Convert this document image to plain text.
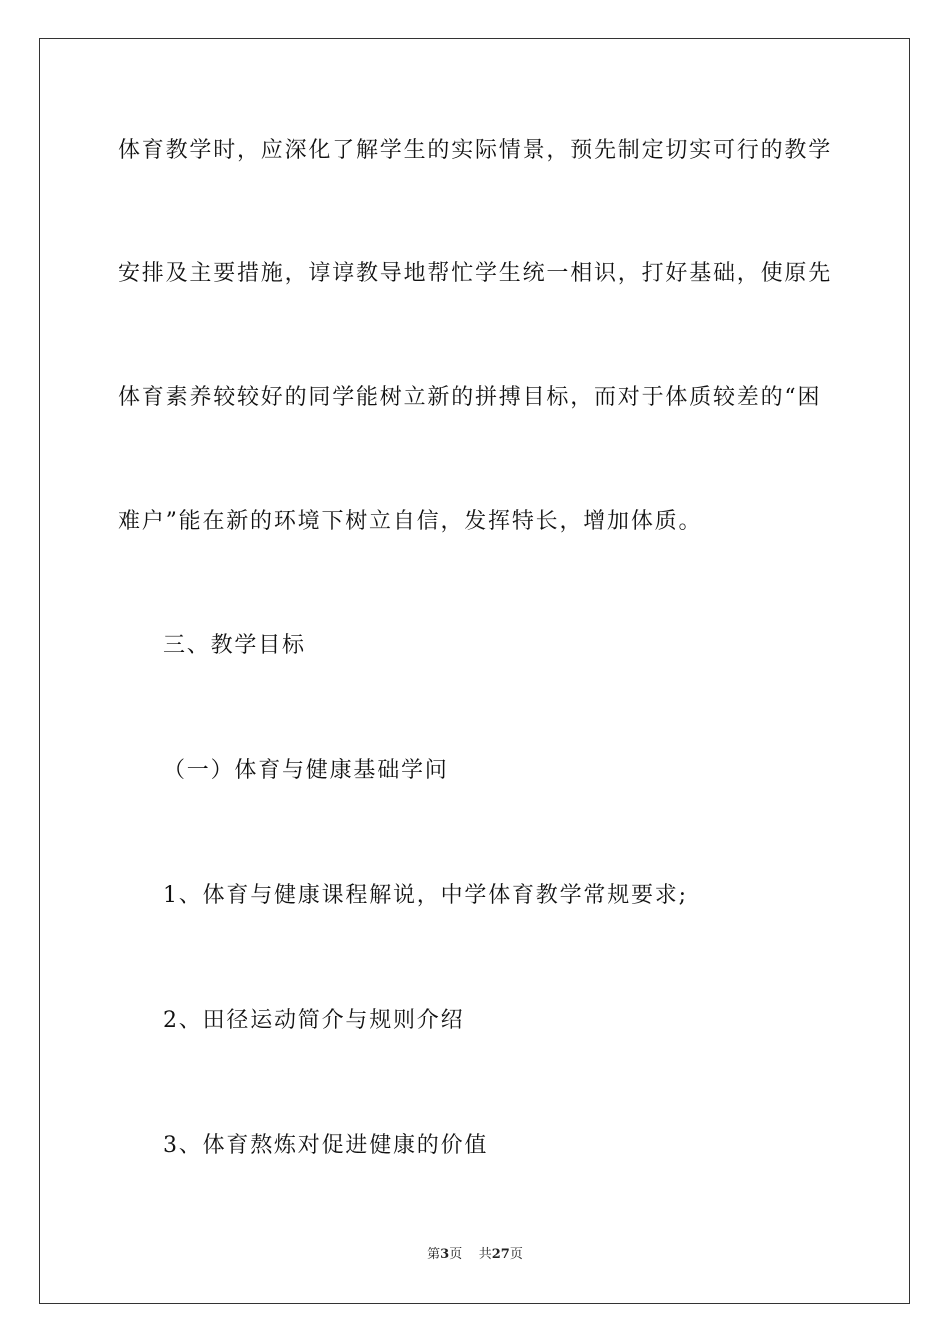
体育教学时，应深化了解学生的实际情景，预先制定切实可行的教学
安排及主要措施，谆谆教导地帮忙学生统一相识，打好基础，使原先
体育素养较较好的同学能树立新的拼搏目标，而对于体质较差的“困
难户”能在新的环境下树立自信，发挥特长，增加体质。
三、教学目标
（一）体育与健康基础学问
1、体育与健康课程解说，中学体育教学常规要求;
2、田径运动简介与规则介绍
3、体育熬炼对促进健康的价值
第3页 共27页
